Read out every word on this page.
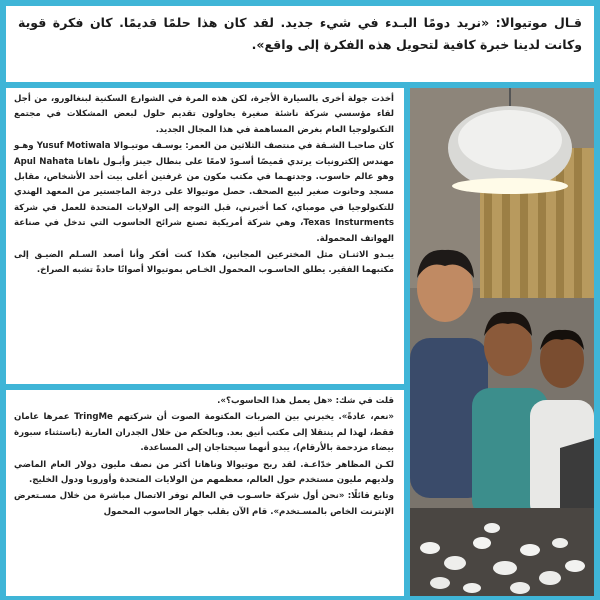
قـال موتيوالا: «نريد دومًا البـدء في شيء جديد. لقد كان هذا حلمًا قديمًا. كان فكرة قوية وكانت لدينا خبرة كافية لتحويل هذه الفكرة إلى واقع».

أخذت جولة أخرى بالسيارة الأجرة، لكن هذه المرة في الشوارع السكنية لبنغالورو، من أجل لقاء مؤسسي شركة ناشئة صغيرة يحاولون تقديم حلول لبعض المشكلات في مجتمع التكنولوجيا العام بغرض المساهمة في هذا المجال الجديد.

كان صاحبـا الشـقة في منتصف الثلاثين من العمر: يوسـف موتيـوالا Yusuf Motiwala وهـو مهندس إلكترونيات يرتدي قميصًا أسـودً لامعًا على بنطال جينز وأبـول ناهاتا Apul Nahata وهو عالم حاسوب. وجدتهـما في مكتب مكون من غرفتين أعلى بيت أحد الأشخاص، مقابل مسجد وحانوت صغير لبيع الصحف. حصل موتيوالا على درجة الماجستير من المعهد الهندي للتكنولوجيا في مومباي، كما أخبرني، قبل التوجه إلى الولايات المتحدة للعمل في شركة Texas Insturments، وهي شركة أمريكية تصنع شرائح الحاسوب التي تدخل في صناعة الهواتف المحمولة.

يبـدو الاثنـان مثل المخترعين المجانين، هكذا كنت أفكر وأنا أصعد السـلم الضيـق إلى مكتبهما الفقير. يطلق الحاسـوب المحمول الخـاص بموتيوالا أصواتًا حادةً تشبه الصراخ.

قلت في شك: «هل يعمل هذا الحاسوب؟».

«نعم، عادةً». يخبرني بين الضربات المكتومة الصوت أن شركتهم TringMe عمرها عامان فقط، لهذا لم ينتقلا إلى مكتب أنيق بعد. وبالحكم من خلال الجدران العارية (باستثناء سبورة بيضاء مزدحمة بالأرقام)، يبدو أنهما سيحتاجان إلى المساعدة.

لكـن المظاهر خدّاعـة. لقد ربح موتيوالا وناهاتا أكثر من نصف مليون دولار العام الماضي ولديهم مليون مستخدم حول العالم، معظمهم من الولايات المتحدة وأوروبا ودول الخليج.

وتابع قائلًا: «نحن أول شركة حاسـوب في العالم توفر الاتصال مباشرة من خلال مسـتعرض الإنترنت الخاص بالمسـتخدم». قام الآن بقلب جهاز الحاسوب المحمول
